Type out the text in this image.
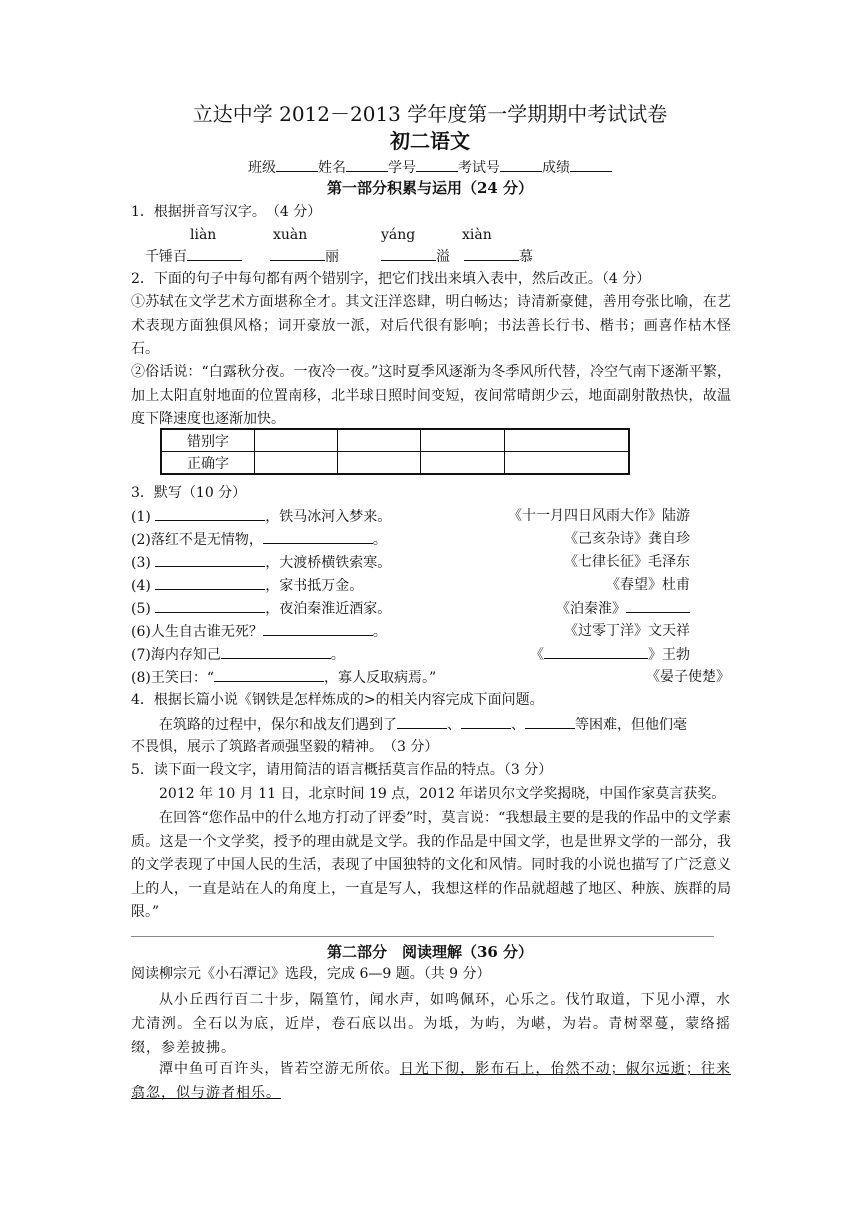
立达中学 2012－2013 学年度第一学期期中考试试卷
初二语文
班级	姓名	学号	考试号	成绩
第一部分积累与运用（24 分）
1．根据拼音写汉字。　（4 分）
liàn	xuàn	yáng	xiàn
千锤百	丽	溢	慕
2．下面的句子中每句都有两个错别字，把它们找出来填入表中，然后改正。（4 分）
①苏轼在文学艺术方面堪称全才。其文汪洋恣肆，明白畅达；诗清新豪健，善用夸张比喻，在艺术表现方面独俱风格；词开豪放一派，对后代很有影响；书法善长行书、楷书；画喜作枯木怪石。
②俗话说：“白露秋分夜。一夜冷一夜。”这时夏季风逐渐为冬季风所代替，冷空气南下逐渐平繁，加上太阳直射地面的位置南移，北半球日照时间变短，夜间常晴朗少云，地面副射散热快，故温度下降速度也逐渐加快。
错别字				
正确字				
3．默写（10 分）
(1)	，铁马冰河入梦来。	《十一月四日风雨大作》陆游
(2)落红不是无情物，	。	《己亥杂诗》龚自珍
(3)	，大渡桥横铁索寒。	《七律长征》毛泽东
(4)	，家书抵万金。	《春望》杜甫
(5)	，夜泊秦淮近酒家。	《泊秦淮》
(6)人生自古谁无死？	。	《过零丁洋》文天祥
(7)海内存知己	。	《	》王勃
(8)王笑曰：“	，寡人反取病焉。”	《晏子使楚》
4．根据长篇小说《钢铁是怎样炼成的>的相关内容完成下面问题。
在筑路的过程中，保尔和战友们遇到了	、	、	等困难，但他们毫
不畏惧，展示了筑路者顽强坚毅的精神。　（3 分）
5．读下面一段文字，请用简洁的语言概括莫言作品的特点。（3 分）
2012 年 10 月 11 日，北京时间 19 点，2012 年诺贝尔文学奖揭晓，中国作家莫言获奖。
在回答“您作品中的什么地方打动了评委”时，莫言说：“我想最主要的是我的作品中的文学素质。这是一个文学奖，授予的理由就是文学。我的作品是中国文学，也是世界文学的一部分，我的文学表现了中国人民的生活，表现了中国独特的文化和风情。同时我的小说也描写了广泛意义上的人，一直是站在人的角度上，一直是写人，我想这样的作品就超越了地区、种族、族群的局限。”
第二部分　阅读理解（36 分）
阅读柳宗元《小石潭记》选段，完成 6—9 题。（共 9 分）
从小丘西行百二十步，隔篁竹，闻水声，如鸣佩环，心乐之。伐竹取道，下见小潭，水尤清洌。全石以为底，近岸，卷石底以出。为坻，为屿，为嵁，为岩。青树翠蔓，蒙络摇缀，参差披拂。
潭中鱼可百许头，皆若空游无所依。日光下彻，影布石上，佁然不动；俶尔远逝；往来翕忽，似与游者相乐。
